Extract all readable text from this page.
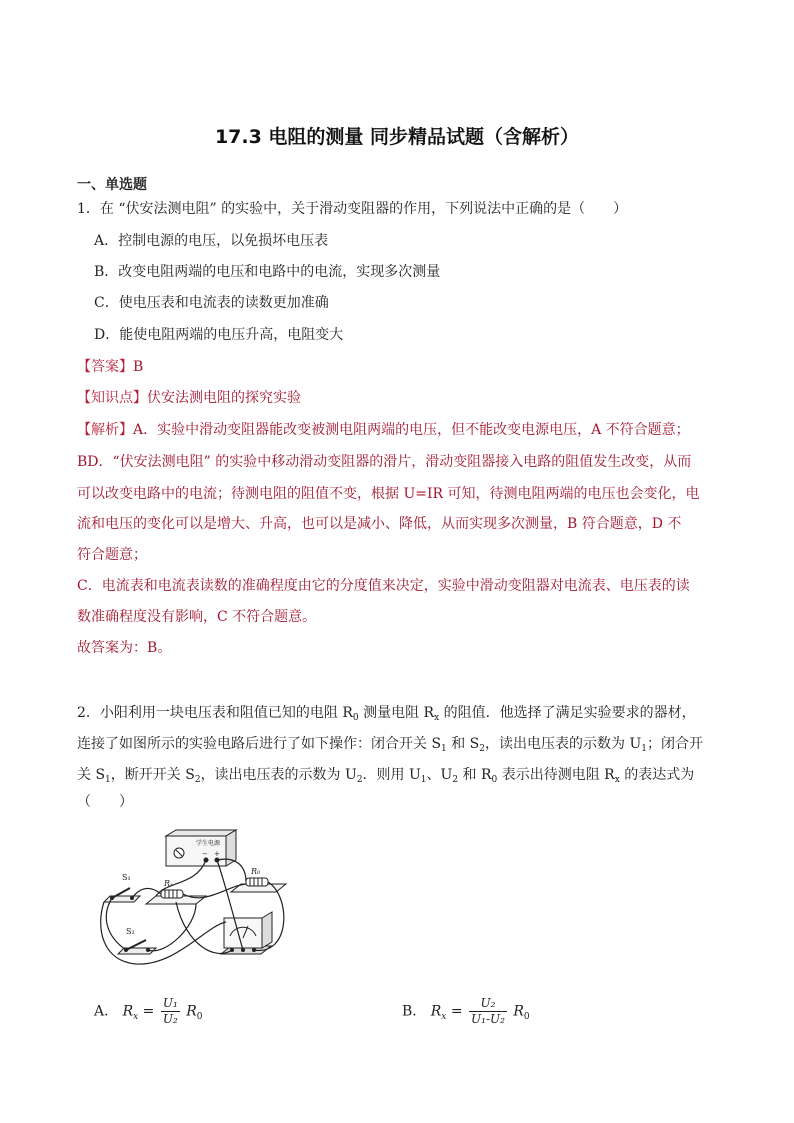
17.3 电阻的测量 同步精品试题（含解析）
一、单选题
1．在 “伏安法测电阻” 的实验中，关于滑动变阻器的作用，下列说法中正确的是（　　）
A．控制电源的电压，以免损坏电压表
B．改变电阻两端的电压和电路中的电流，实现多次测量
C．使电压表和电流表的读数更加准确
D．能使电阻两端的电压升高，电阻变大
【答案】B
【知识点】伏安法测电阻的探究实验
【解析】A．实验中滑动变阻器能改变被测电阻两端的电压，但不能改变电源电压，A 不符合题意；
BD．“伏安法测电阻” 的实验中移动滑动变阻器的滑片，滑动变阻器接入电路的阻值发生改变，从而
可以改变电路中的电流；待测电阻的阻值不变，根据 U=IR 可知，待测电阻两端的电压也会变化，电
流和电压的变化可以是增大、升高，也可以是减小、降低，从而实现多次测量，B 符合题意，D 不
符合题意；
C．电流表和电流表读数的准确程度由它的分度值来决定，实验中滑动变阻器对电流表、电压表的读
数准确程度没有影响，C 不符合题意。
故答案为：B。
2．小阳利用一块电压表和阻值已知的电阻 $R_0$ 测量电阻 $R_x$ 的阻值．他选择了满足实验要求的器材，
连接了如图所示的实验电路后进行了如下操作：闭合开关 $S_1$ 和 $S_2$，读出电压表的示数为 $U_1$；闭合开
关 $S_1$，断开开关 $S_2$，读出电压表的示数为 $U_2$．则用 $U_1$、$U_2$ 和 $R_0$ 表示出待测电阻 $R_x$ 的表达式为
（　　）
学生电源
− +
Rₓ
R₀
S₁
S₂
A． $R_x = \frac{\text{U₁}}{\text{U₂}} R_0$	B． $R_x = \frac{\text{U₂}}{\text{U₁-U₂}} R_0$
